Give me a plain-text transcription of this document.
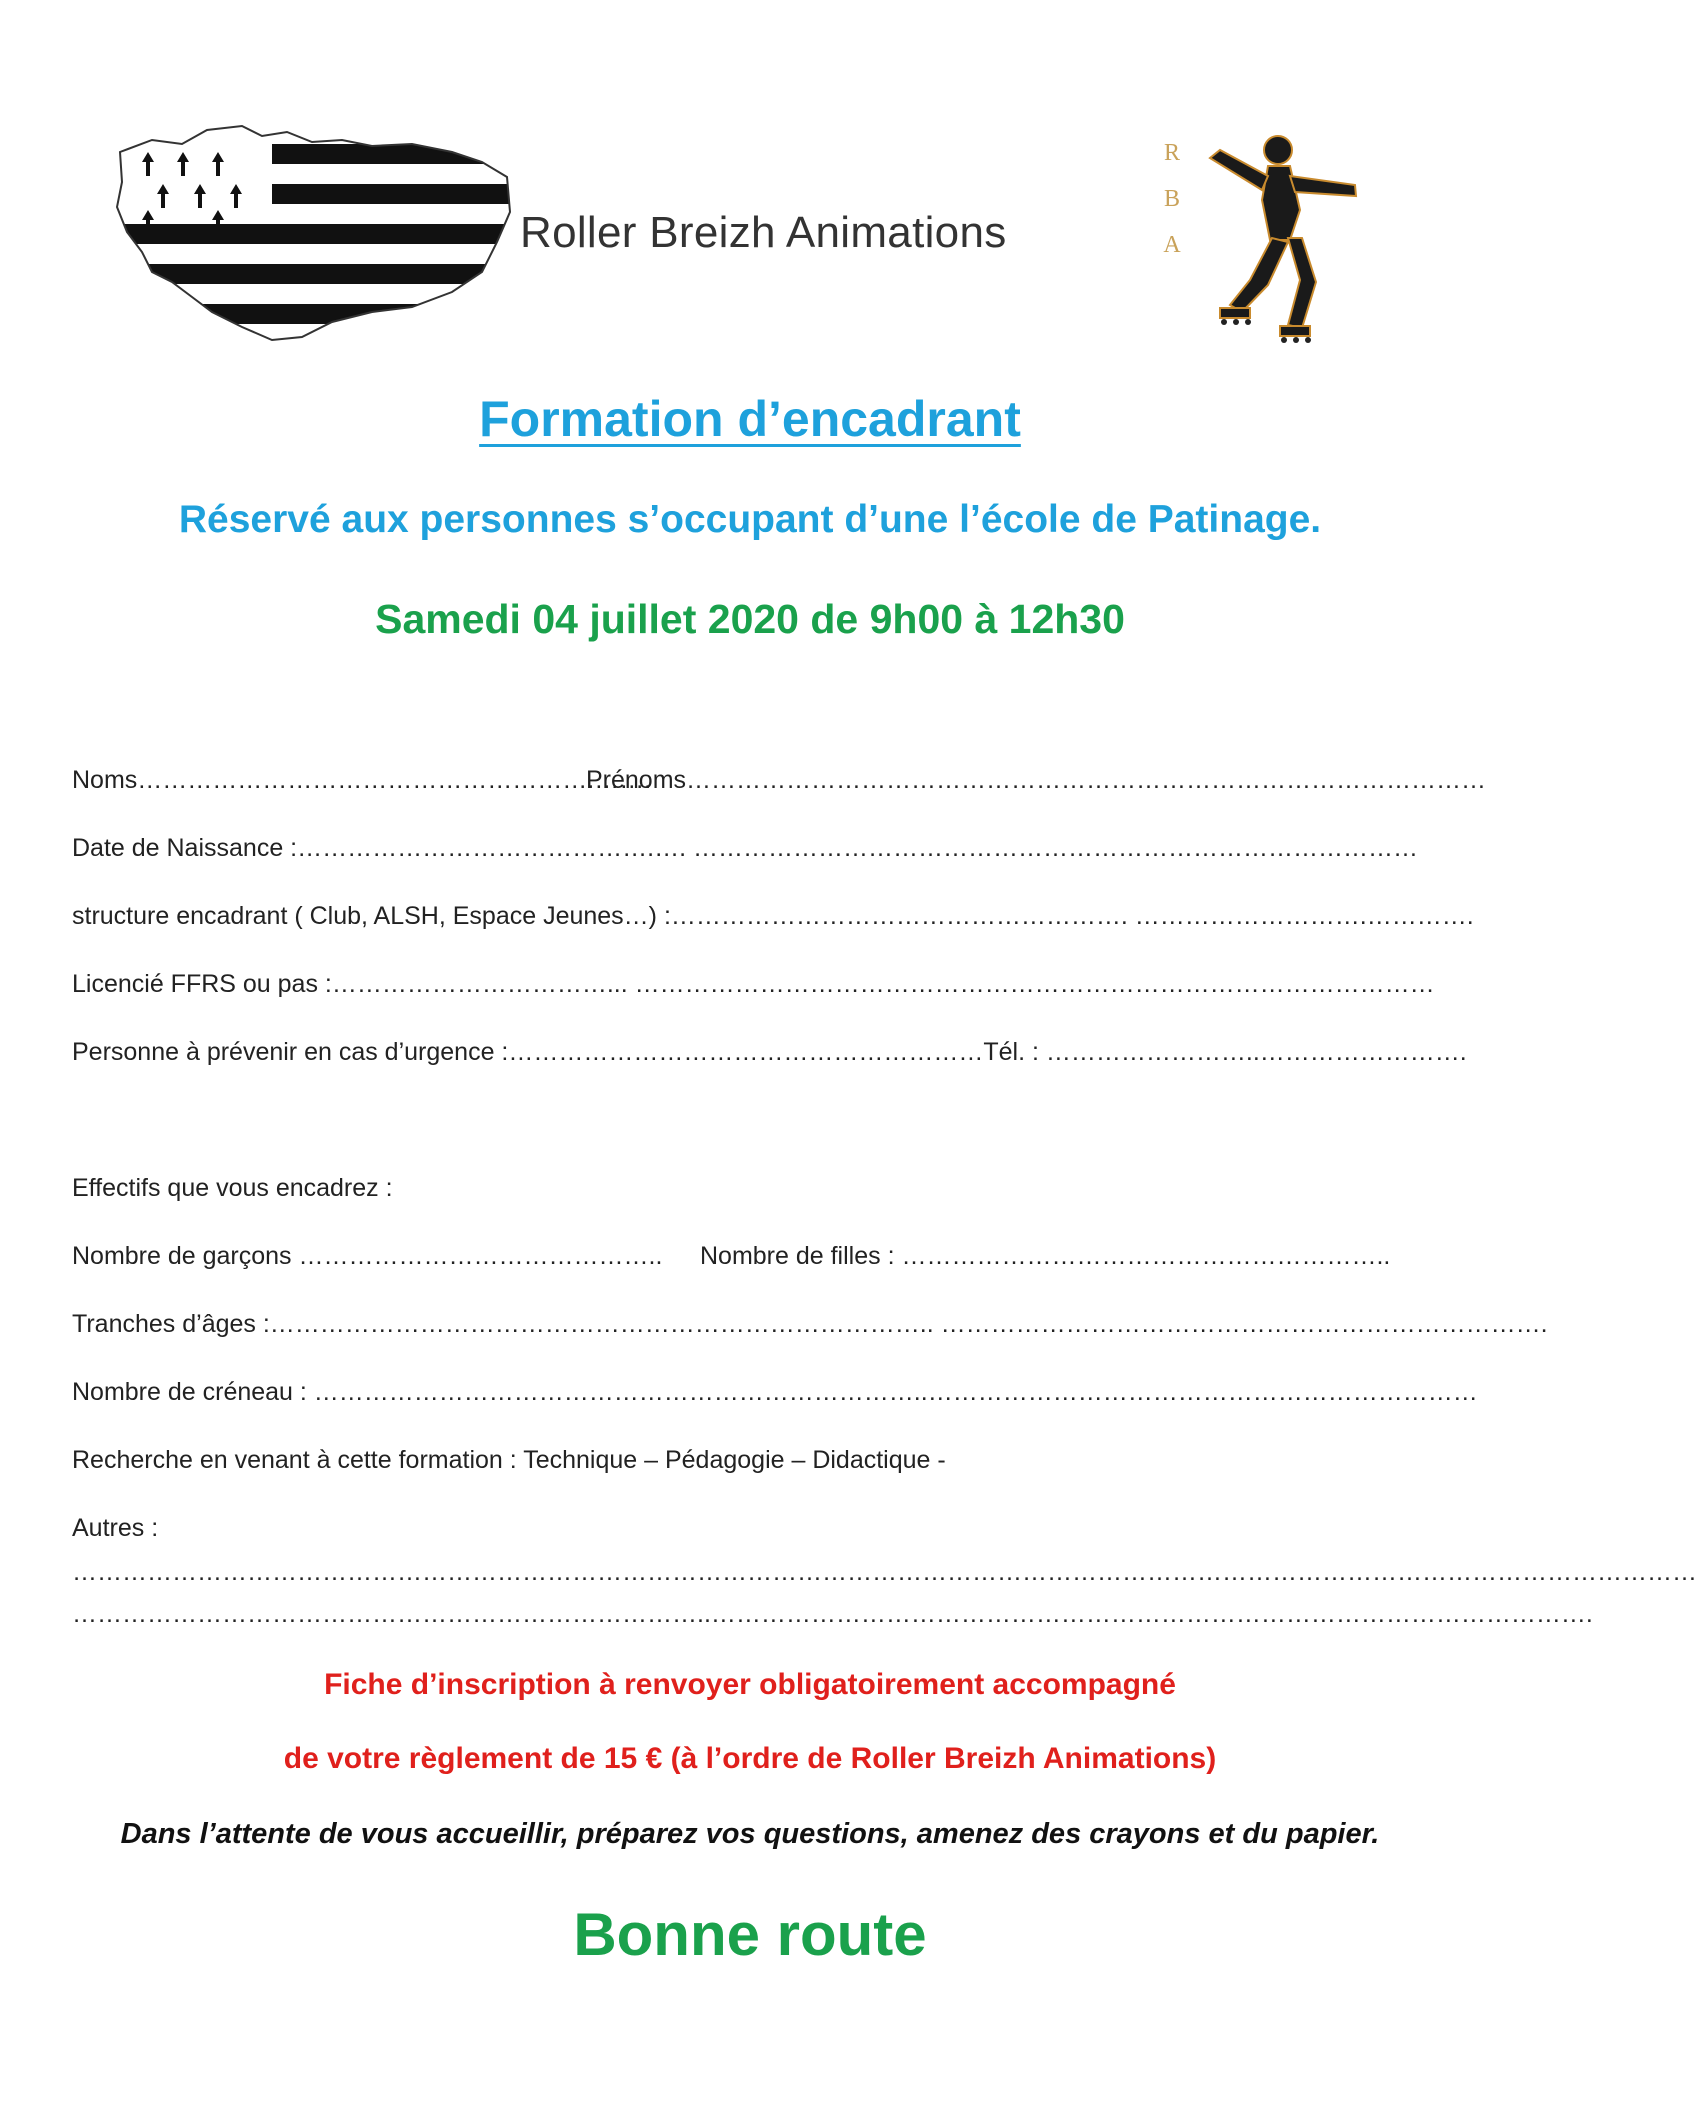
Roller Breizh Animations
R
B
A
Formation d’encadrant
Réservé aux personnes s’occupant d’une l’école de Patinage.
Samedi 04 juillet 2020 de 9h00 à 12h30
Noms……………………………………………….…….
Prénoms……………………………………………………………………………………
Date de Naissance :…………………………………….…. ……………………………………………………………………………
structure encadrant ( Club, ALSH, Espace Jeunes…) :………………………………………………. ……………………….………….
Licencié FFRS ou pas :……………………………... ……………………………………………………………………………………
Personne à prévenir en cas d’urgence :…………………………………………………Tél. : ……………………..…………………….
Effectifs que vous encadrez :
Nombre de garçons …………………………………….. Nombre de filles : …………………………………………………..
Tranches d’âges :…………………………………………………………………….. ……………………………………………………………….
Nombre de créneau : ………………………………………………………………..…………………………………………………………
Recherche en venant à cette formation : Technique – Pédagogie – Didactique -
Autres :
……………………………………………………………………………………………………………………………………………………………………………
…………………………………………………………………..…………………………………………………………………………………………….
Fiche d’inscription à renvoyer obligatoirement accompagné
de votre règlement de 15 € (à l’ordre de Roller Breizh Animations)
Dans l’attente de vous accueillir, préparez vos questions, amenez des crayons et du papier.
Bonne route
